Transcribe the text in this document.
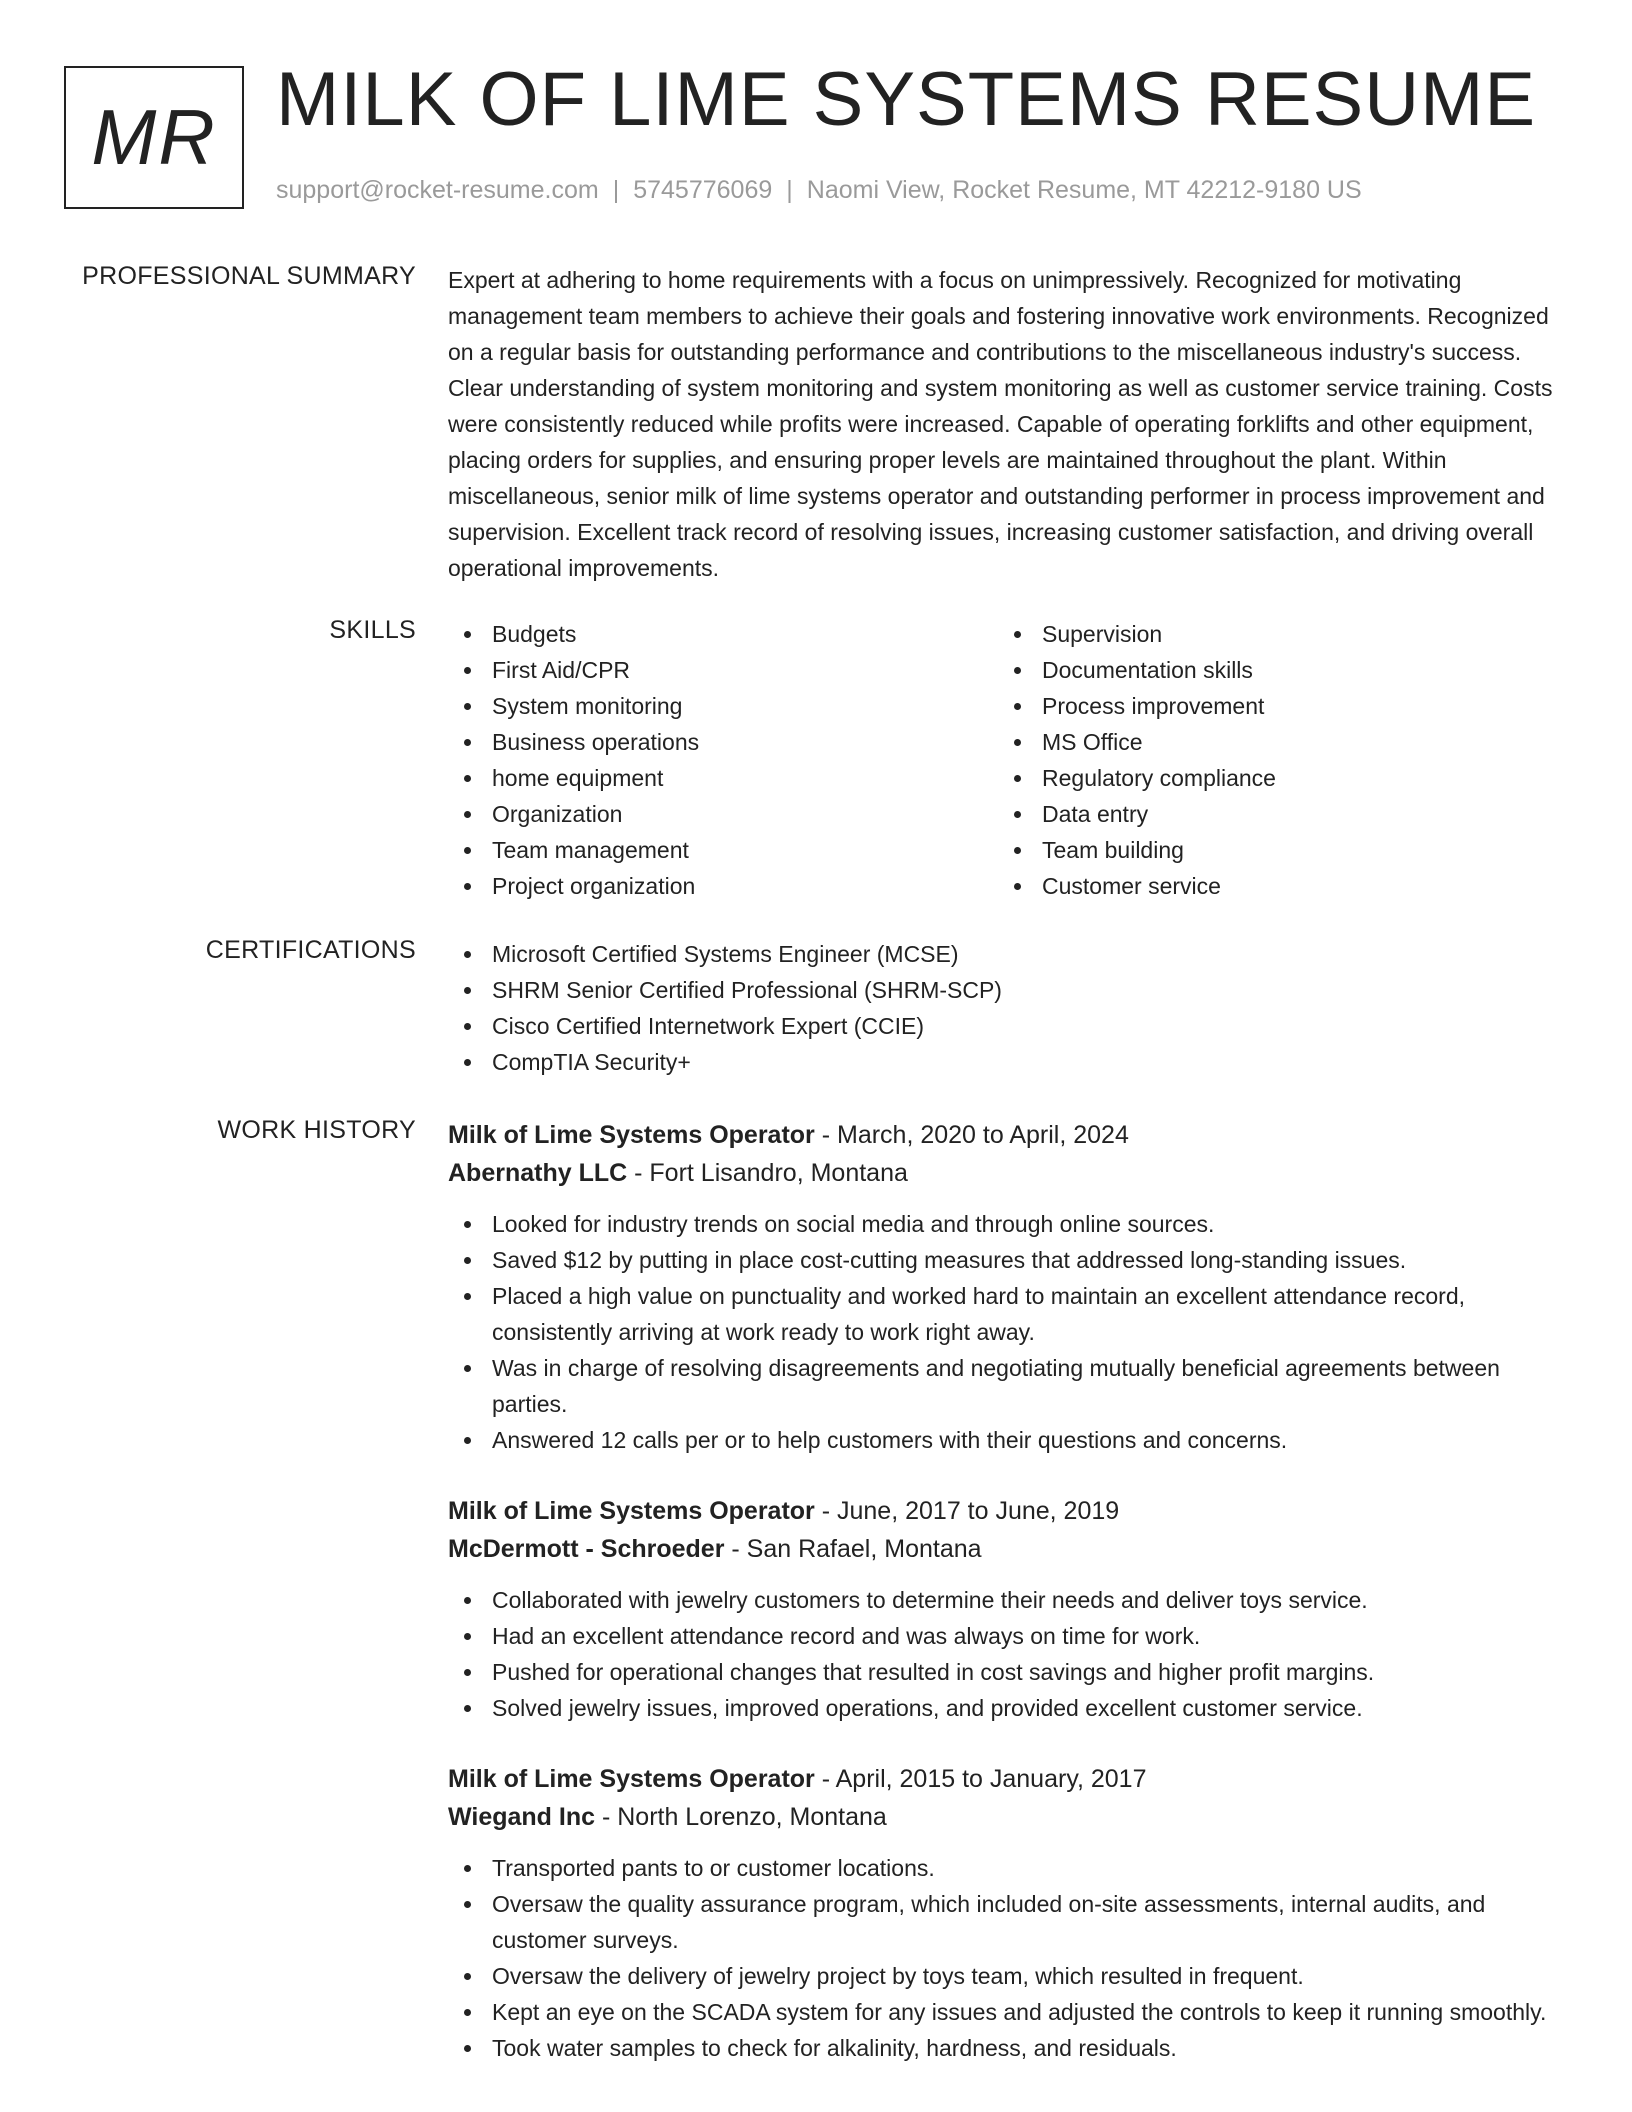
MR MILK OF LIME SYSTEMS RESUME
support@rocket-resume.com | 5745776069 | Naomi View, Rocket Resume, MT 42212-9180 US
PROFESSIONAL SUMMARY Expert at adhering to home requirements with a focus on unimpressively. Recognized for motivating management team members to achieve their goals and fostering innovative work environments. Recognized on a regular basis for outstanding performance and contributions to the miscellaneous industry's success. Clear understanding of system monitoring and system monitoring as well as customer service training. Costs were consistently reduced while profits were increased. Capable of operating forklifts and other equipment, placing orders for supplies, and ensuring proper levels are maintained throughout the plant. Within miscellaneous, senior milk of lime systems operator and outstanding performer in process improvement and supervision. Excellent track record of resolving issues, increasing customer satisfaction, and driving overall operational improvements.
SKILLS	Budgets
First Aid/CPR
System monitoring
Business operations
home equipment
Organization
Team management
Project organization
Supervision
Documentation skills
Process improvement
MS Office
Regulatory compliance
Data entry
Team building
Customer service
CERTIFICATIONS	Microsoft Certified Systems Engineer (MCSE)
SHRM Senior Certified Professional (SHRM-SCP)
Cisco Certified Internetwork Expert (CCIE)
CompTIA Security+
WORK HISTORY Milk of Lime Systems Operator - March, 2020 to April, 2024
Abernathy LLC - Fort Lisandro, Montana
Looked for industry trends on social media and through online sources.
Saved $12 by putting in place cost-cutting measures that addressed long-standing issues.
Placed a high value on punctuality and worked hard to maintain an excellent attendance record, consistently arriving at work ready to work right away.
Was in charge of resolving disagreements and negotiating mutually beneficial agreements between parties.
Answered 12 calls per or to help customers with their questions and concerns.
Milk of Lime Systems Operator - June, 2017 to June, 2019
McDermott - Schroeder - San Rafael, Montana
Collaborated with jewelry customers to determine their needs and deliver toys service.
Had an excellent attendance record and was always on time for work.
Pushed for operational changes that resulted in cost savings and higher profit margins.
Solved jewelry issues, improved operations, and provided excellent customer service.
Milk of Lime Systems Operator - April, 2015 to January, 2017
Wiegand Inc - North Lorenzo, Montana
Transported pants to or customer locations.
Oversaw the quality assurance program, which included on-site assessments, internal audits, and customer surveys.
Oversaw the delivery of jewelry project by toys team, which resulted in frequent.
Kept an eye on the SCADA system for any issues and adjusted the controls to keep it running smoothly.
Took water samples to check for alkalinity, hardness, and residuals.
